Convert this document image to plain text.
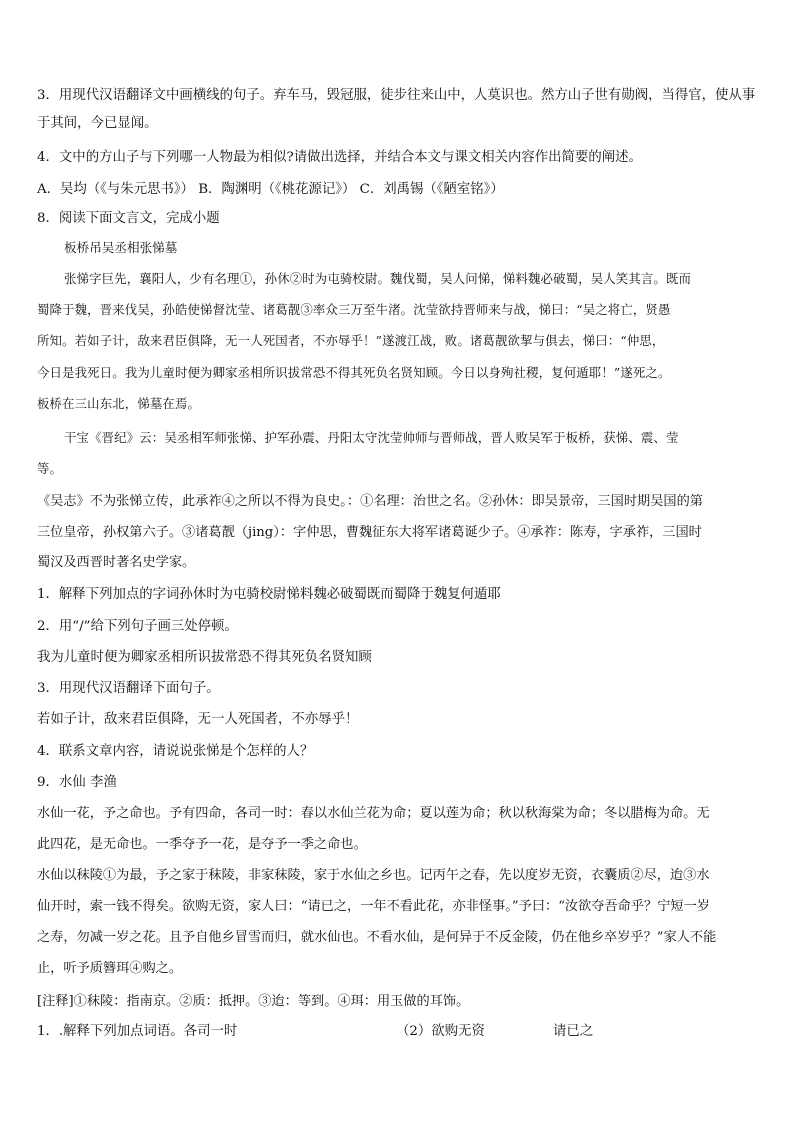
3．用现代汉语翻译文中画横线的句子。弃车马，毁冠服，徒步往来山中，人莫识也。然方山子世有勋阀，当得官，使从事
于其间，今已显闻。
4．文中的方山子与下列哪一人物最为相似?请做出选择，并结合本文与课文相关内容作出简要的阐述。
A．吴均（《与朱元思书》） B．陶渊明（《桃花源记》） C．刘禹锡（《陋室铭》）
8．阅读下面文言文，完成小题
板桥吊吴丞相张悌墓
张悌字巨先，襄阳人，少有名理①，孙休②时为屯骑校尉。魏伐蜀，吴人问悌，悌料魏必破蜀，吴人笑其言。既而
蜀降于魏，晋来伐吴，孙皓使悌督沈莹、诸葛靓③率众三万至牛渚。沈莹欲持晋师来与战，悌曰：“吴之将亡，贤愚
所知。若如子计，敌来君臣俱降，无一人死国者，不亦辱乎！”遂渡江战，败。诸葛靓欲挈与俱去，悌曰：“仲思，
今日是我死日。我为儿童时便为卿家丞相所识拔常恐不得其死负名贤知顾。今日以身殉社稷，复何遁耶！”遂死之。
板桥在三山东北，悌墓在焉。
干宝《晋纪》云：吴丞相军师张悌、护军孙震、丹阳太守沈莹帅师与晋师战，晋人败吴军于板桥，获悌、震、莹
等。
《吴志》不为张悌立传，此承祚④之所以不得为良史。：①名理：治世之名。②孙休：即吴景帝，三国时期吴国的第
三位皇帝，孙权第六子。③诸葛靓（jing）：字仲思，曹魏征东大将军诸葛诞少子。④承祚：陈寿，字承祚，三国时
蜀汉及西晋时著名史学家。
1．解释下列加点的字词孙休时为屯骑校尉悌料魏必破蜀既而蜀降于魏复何遁耶
2．用“/”给下列句子画三处停顿。
我为儿童时便为卿家丞相所识拔常恐不得其死负名贤知顾
3．用现代汉语翻译下面句子。
若如子计，敌来君臣俱降，无一人死国者，不亦辱乎！
4．联系文章内容，请说说张悌是个怎样的人？
9．水仙 李渔
水仙一花，予之命也。予有四命，各司一时：春以水仙兰花为命；夏以莲为命；秋以秋海棠为命；冬以腊梅为命。无
此四花，是无命也。一季夺予一花，是夺予一季之命也。
水仙以秣陵①为最，予之家于秣陵，非家秣陵，家于水仙之乡也。记丙午之春，先以度岁无资，衣囊质②尽，迨③水
仙开时，索一钱不得矣。欲购无资，家人曰：“请已之，一年不看此花，亦非怪事。”予曰：“汝欲夺吾命乎？宁短一岁
之寿，勿减一岁之花。且予自他乡冒雪而归，就水仙也。不看水仙，是何异于不反金陵，仍在他乡卒岁乎？”家人不能
止，听予质簪珥④购之。
[注释]①秣陵：指南京。②质：抵押。③迨：等到。④珥：用玉做的耳饰。
1．.解释下列加点词语。各司一时	（2）欲购无资	请已之
